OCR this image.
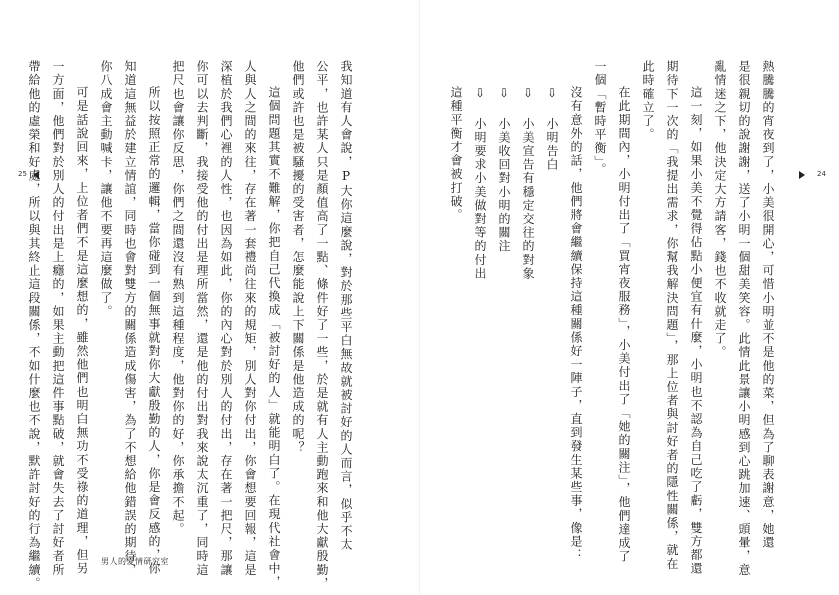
我知道有人會說，P大你這麼說，對於那些平白無故就被討好的人而言，似乎不太
公平，也許某人只是顏值高了一點、條件好了一些，於是就有人主動跑來和他大獻殷勤，
他們或許也是被騷擾的受害者，怎麼能說上下關係是他造成的呢？
這個問題其實不難解，你把自己代換成「被討好的人」就能明白了。在現代社會中，
人與人之間的來往，存在著一套禮尚往來的規矩，別人對你付出，你會想要回報，這是
深植於我們心裡的人性，也因為如此，你的內心對於別人的付出，存在著一把尺，那讓
你可以去判斷，我接受他的付出是理所當然，還是他的付出對我來說太沉重了，同時這
把尺也會讓你反思，你們之間還沒有熟到這種程度，他對你的好，你承擔不起。
所以按照正常的邏輯，當你碰到一個無事就對你大獻殷勤的人，你是會反感的，你
知道這無益於建立情誼，同時也會對雙方的關係造成傷害，為了不想給他錯誤的期待，
你八成會主動喊卡，讓他不要再這麼做了。
可是話說回來，上位者們不是這麼想的，雖然他們也明白無功不受祿的道理，但另
一方面，他們對於別人的付出是上癮的，如果主動把這件事點破，就會失去了討好者所
帶給他的虛榮和好處，所以與其終止這段關係，不如什麼也不說，默許討好的行為繼續。
25
男人的愛情研究室
熱騰騰的宵夜到了，小美很開心，可惜小明並不是他的菜，但為了聊表謝意，她還
是很親切的說謝謝，送了小明一個甜美笑容。此情此景讓小明感到心跳加速、頭暈，意
亂情迷之下，他決定大方請客，錢也不收就走了。
這一刻，如果小美不覺得佔點小便宜有什麼，小明也不認為自己吃了虧，雙方都還
期待下一次的「我提出需求，你幫我解決問題」，那上位者與討好者的隱性關係，就在
此時確立了。
在此期間內，小明付出了「買宵夜服務」，小美付出了「她的關注」，他們達成了
一個「暫時平衡」。
沒有意外的話，他們將會繼續保持這種關係好一陣子，直到發生某些事，像是：
⇩ 小明告白
⇩ 小美宣告有穩定交往的對象
⇩ 小美收回對小明的關注
⇩ 小明要求小美做對等的付出
這種平衡才會被打破。	24
